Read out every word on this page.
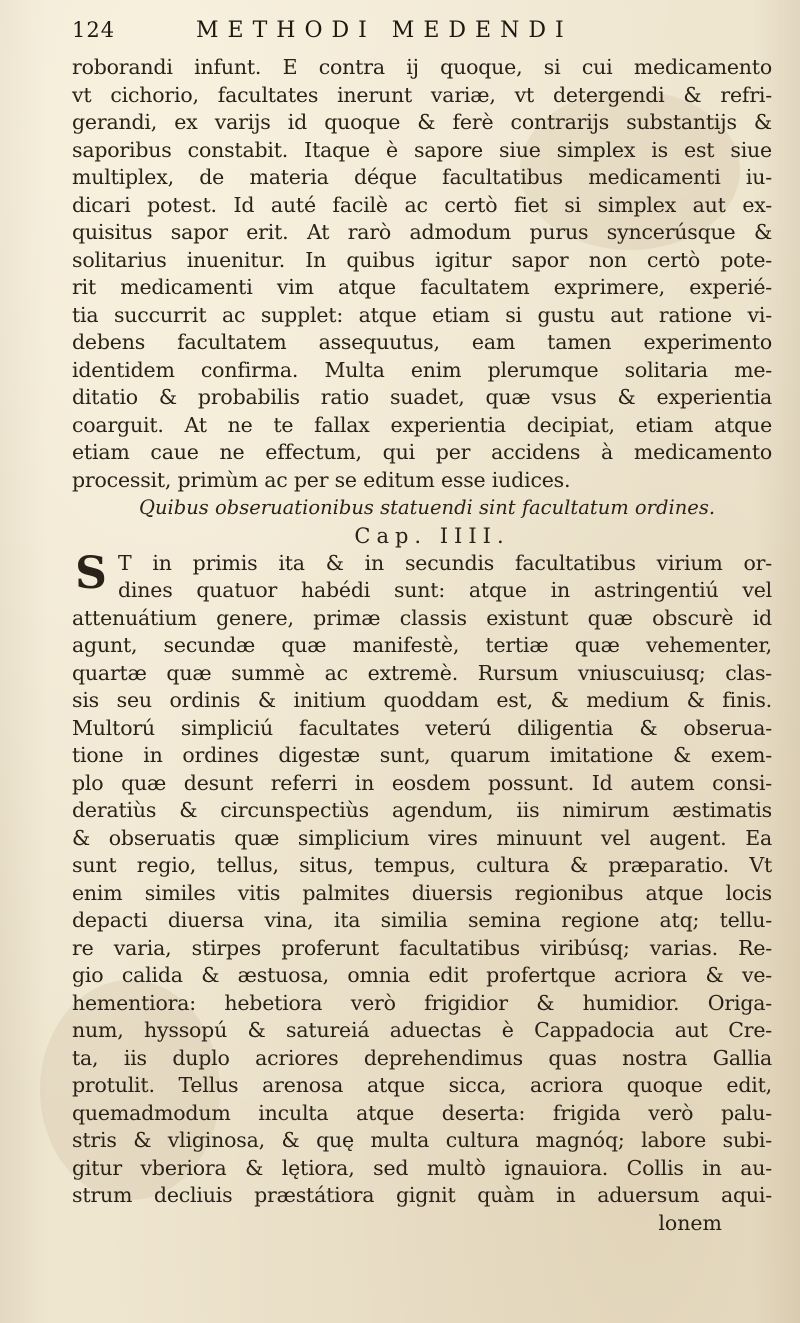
124	METHODI MEDENDI
roborandi infunt. E contra ij quoque, si cui medicamento
vt cichorio, facultates inerunt variæ, vt detergendi & refri-
gerandi, ex varijs id quoque & ferè contrarijs substantijs &
saporibus constabit. Itaque è sapore siue simplex is est siue
multiplex, de materia déque facultatibus medicamenti iu-
dicari potest. Id auté facilè ac certò fiet si simplex aut ex-
quisitus sapor erit. At rarò admodum purus syncerúsque &
solitarius inuenitur. In quibus igitur sapor non certò pote-
rit medicamenti vim atque facultatem exprimere, experié-
tia succurrit ac supplet: atque etiam si gustu aut ratione vi-
debens facultatem assequutus, eam tamen experimento
identidem confirma. Multa enim plerumque solitaria me-
ditatio & probabilis ratio suadet, quæ vsus & experientia
coarguit. At ne te fallax experientia decipiat, etiam atque
etiam caue ne effectum, qui per accidens à medicamento
processit, primùm ac per se editum esse iudices.
Quibus obseruationibus statuendi sint facultatum ordines.
Cap. IIII.
S T in primis ita & in secundis facultatibus virium or-
dines quatuor habédi sunt: atque in astringentiú vel
attenuátium genere, primæ classis existunt quæ obscurè id
agunt, secundæ quæ manifestè, tertiæ quæ vehementer,
quartæ quæ summè ac extremè. Rursum vniuscuiusq; clas-
sis seu ordinis & initium quoddam est, & medium & finis.
Multorú simpliciú facultates veterú diligentia & obserua-
tione in ordines digestæ sunt, quarum imitatione & exem-
plo quæ desunt referri in eosdem possunt. Id autem consi-
deratiùs & circunspectiùs agendum, iis nimirum æstimatis
& obseruatis quæ simplicium vires minuunt vel augent. Ea
sunt regio, tellus, situs, tempus, cultura & præparatio. Vt
enim similes vitis palmites diuersis regionibus atque locis
depacti diuersa vina, ita similia semina regione atq; tellu-
re varia, stirpes proferunt facultatibus viribúsq; varias. Re-
gio calida & æstuosa, omnia edit profertque acriora & ve-
hementiora: hebetiora verò frigidior & humidior. Origa-
num, hyssopú & satureiá aduectas è Cappadocia aut Cre-
ta, iis duplo acriores deprehendimus quas nostra Gallia
protulit. Tellus arenosa atque sicca, acriora quoque edit,
quemadmodum inculta atque deserta: frigida verò palu-
stris & vliginosa, & quę multa cultura magnóq; labore subi-
gitur vberiora & lętiora, sed multò ignauiora. Collis in au-
strum decliuis præstátiora gignit quàm in aduersum aqui-
lonem
